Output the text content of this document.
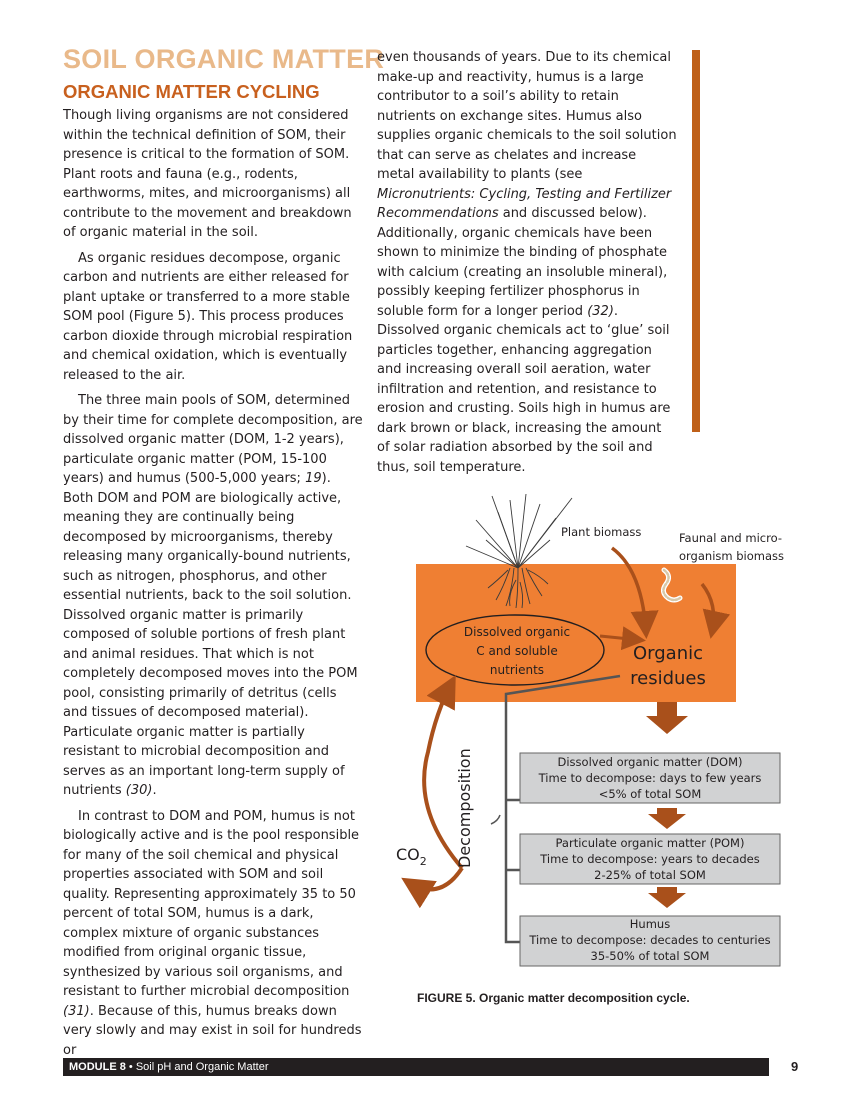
SOIL ORGANIC MATTER
ORGANIC MATTER CYCLING

Though living organisms are not considered within the technical definition of SOM, their presence is critical to the formation of SOM. Plant roots and fauna (e.g., rodents, earthworms, mites, and microorganisms) all contribute to the movement and breakdown of organic material in the soil.

As organic residues decompose, organic carbon and nutrients are either released for plant uptake or transferred to a more stable SOM pool (Figure 5). This process produces carbon dioxide through microbial respiration and chemical oxidation, which is eventually released to the air.

The three main pools of SOM, determined by their time for complete decomposition, are dissolved organic matter (DOM, 1-2 years), particulate organic matter (POM, 15-100 years) and humus (500-5,000 years; 19). Both DOM and POM are biologically active, meaning they are continually being decomposed by microorganisms, thereby releasing many organically-bound nutrients, such as nitrogen, phosphorus, and other essential nutrients, back to the soil solution. Dissolved organic matter is primarily composed of soluble portions of fresh plant and animal residues. That which is not completely decomposed moves into the POM pool, consisting primarily of detritus (cells and tissues of decomposed material). Particulate organic matter is partially resistant to microbial decomposition and serves as an important long-term supply of nutrients (30).

In contrast to DOM and POM, humus is not biologically active and is the pool responsible for many of the soil chemical and physical properties associated with SOM and soil quality. Representing approximately 35 to 50 percent of total SOM, humus is a dark, complex mixture of organic substances modified from original organic tissue, synthesized by various soil organisms, and resistant to further microbial decomposition (31). Because of this, humus breaks down very slowly and may exist in soil for hundreds or

even thousands of years. Due to its chemical make-up and reactivity, humus is a large contributor to a soil’s ability to retain nutrients on exchange sites. Humus also supplies organic chemicals to the soil solution that can serve as chelates and increase metal availability to plants (see Micronutrients: Cycling, Testing and Fertilizer Recommendations and discussed below). Additionally, organic chemicals have been shown to minimize the binding of phosphate with calcium (creating an insoluble mineral), possibly keeping fertilizer phosphorus in soluble form for a longer period (32). Dissolved organic chemicals act to ‘glue’ soil particles together, enhancing aggregation and increasing overall soil aeration, water infiltration and retention, and resistance to erosion and crusting. Soils high in humus are dark brown or black, increasing the amount of solar radiation absorbed by the soil and thus, soil temperature.

Plant biomass	Faunal and micro-
organism biomass
Dissolved organic
C and soluble
nutrients
Organic
residues
Decomposition
$CO_2$
Dissolved organic matter (DOM)
Time to decompose: days to few years
<5% of total SOM
Particulate organic matter (POM)
Time to decompose: years to decades
2-25% of total SOM
Humus
Time to decompose: decades to centuries
35-50% of total SOM
FIGURE 5. Organic matter decomposition cycle.
MODULE 8 • Soil pH and Organic Matter	9
